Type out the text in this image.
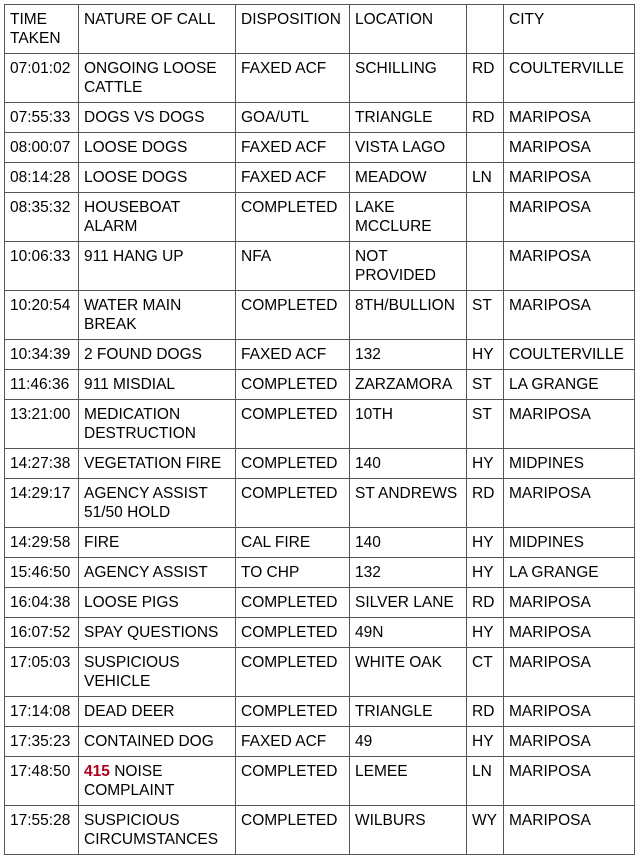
TIME TAKEN	NATURE OF CALL	DISPOSITION	LOCATION		CITY
07:01:02	ONGOING LOOSE CATTLE	FAXED ACF	SCHILLING	RD	COULTERVILLE
07:55:33	DOGS VS DOGS	GOA/UTL	TRIANGLE	RD	MARIPOSA
08:00:07	LOOSE DOGS	FAXED ACF	VISTA LAGO		MARIPOSA
08:14:28	LOOSE DOGS	FAXED ACF	MEADOW	LN	MARIPOSA
08:35:32	HOUSEBOAT ALARM	COMPLETED	LAKE MCCLURE		MARIPOSA
10:06:33	911 HANG UP	NFA	NOT PROVIDED		MARIPOSA
10:20:54	WATER MAIN BREAK	COMPLETED	8TH/BULLION	ST	MARIPOSA
10:34:39	2 FOUND DOGS	FAXED ACF	132	HY	COULTERVILLE
11:46:36	911 MISDIAL	COMPLETED	ZARZAMORA	ST	LA GRANGE
13:21:00	MEDICATION DESTRUCTION	COMPLETED	10TH	ST	MARIPOSA
14:27:38	VEGETATION FIRE	COMPLETED	140	HY	MIDPINES
14:29:17	AGENCY ASSIST 51/50 HOLD	COMPLETED	ST ANDREWS	RD	MARIPOSA
14:29:58	FIRE	CAL FIRE	140	HY	MIDPINES
15:46:50	AGENCY ASSIST	TO CHP	132	HY	LA GRANGE
16:04:38	LOOSE PIGS	COMPLETED	SILVER LANE	RD	MARIPOSA
16:07:52	SPAY QUESTIONS	COMPLETED	49N	HY	MARIPOSA
17:05:03	SUSPICIOUS VEHICLE	COMPLETED	WHITE OAK	CT	MARIPOSA
17:14:08	DEAD DEER	COMPLETED	TRIANGLE	RD	MARIPOSA
17:35:23	CONTAINED DOG	FAXED ACF	49	HY	MARIPOSA
17:48:50	415 NOISE COMPLAINT	COMPLETED	LEMEE	LN	MARIPOSA
17:55:28	SUSPICIOUS CIRCUMSTANCES	COMPLETED	WILBURS	WY	MARIPOSA
